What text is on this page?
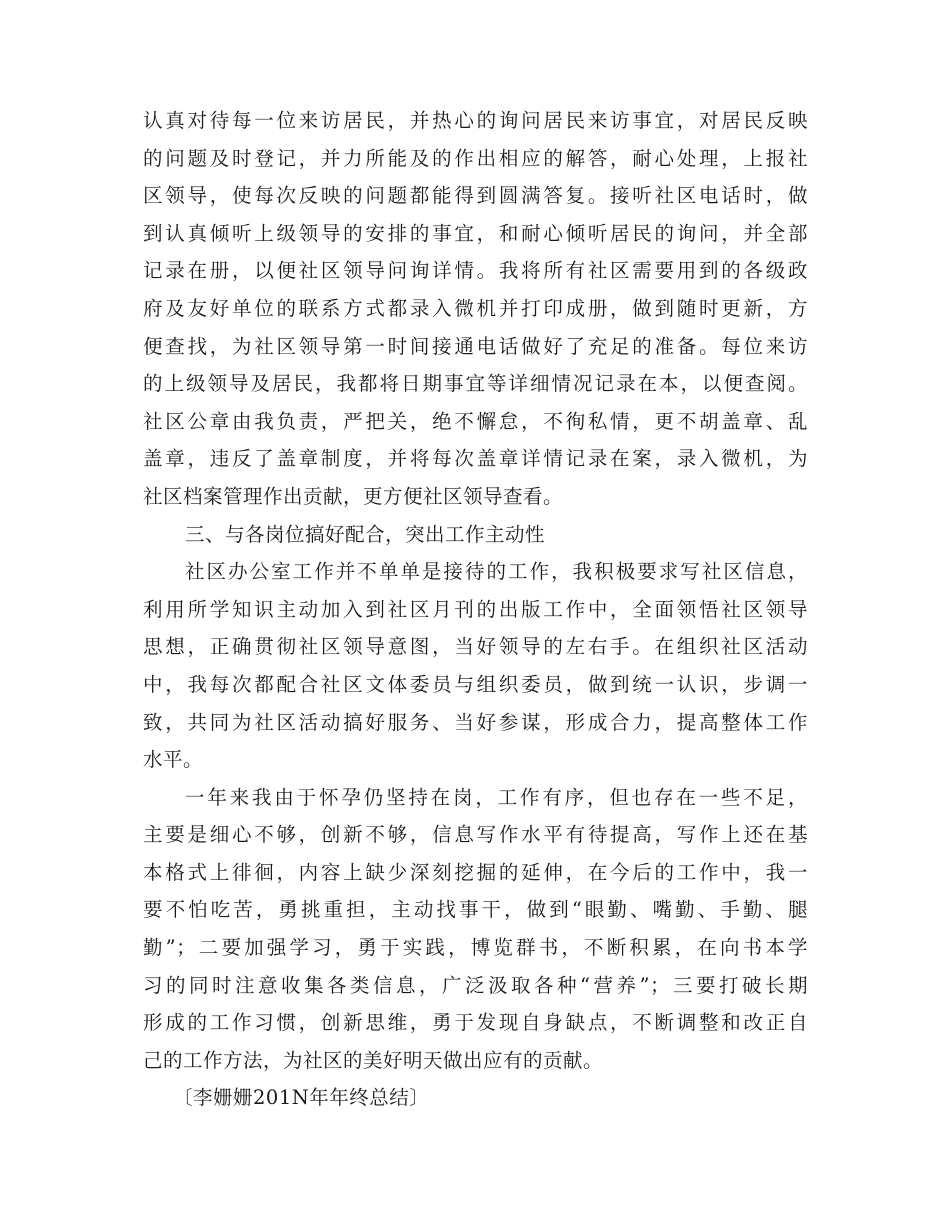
认真对待每一位来访居民，并热心的询问居民来访事宜，对居民反映
的问题及时登记，并力所能及的作出相应的解答，耐心处理，上报社
区领导，使每次反映的问题都能得到圆满答复。接听社区电话时，做
到认真倾听上级领导的安排的事宜，和耐心倾听居民的询问，并全部
记录在册，以便社区领导问询详情。我将所有社区需要用到的各级政
府及友好单位的联系方式都录入微机并打印成册，做到随时更新，方
便查找，为社区领导第一时间接通电话做好了充足的准备。每位来访
的上级领导及居民，我都将日期事宜等详细情况记录在本，以便查阅。
社区公章由我负责，严把关，绝不懈怠，不徇私情，更不胡盖章、乱
盖章，违反了盖章制度，并将每次盖章详情记录在案，录入微机，为
社区档案管理作出贡献，更方便社区领导查看。
三、与各岗位搞好配合，突出工作主动性
社区办公室工作并不单单是接待的工作，我积极要求写社区信息，
利用所学知识主动加入到社区月刊的出版工作中，全面领悟社区领导
思想，正确贯彻社区领导意图，当好领导的左右手。在组织社区活动
中，我每次都配合社区文体委员与组织委员，做到统一认识，步调一
致，共同为社区活动搞好服务、当好参谋，形成合力，提高整体工作
水平。
一年来我由于怀孕仍坚持在岗，工作有序，但也存在一些不足，
主要是细心不够，创新不够，信息写作水平有待提高，写作上还在基
本格式上徘徊，内容上缺少深刻挖掘的延伸，在今后的工作中，我一
要不怕吃苦，勇挑重担，主动找事干，做到“眼勤、嘴勤、手勤、腿
勤”；二要加强学习，勇于实践，博览群书，不断积累，在向书本学
习的同时注意收集各类信息，广泛汲取各种“营养”；三要打破长期
形成的工作习惯，创新思维，勇于发现自身缺点，不断调整和改正自
己的工作方法，为社区的美好明天做出应有的贡献。
〔李姗姗201N年年终总结〕
